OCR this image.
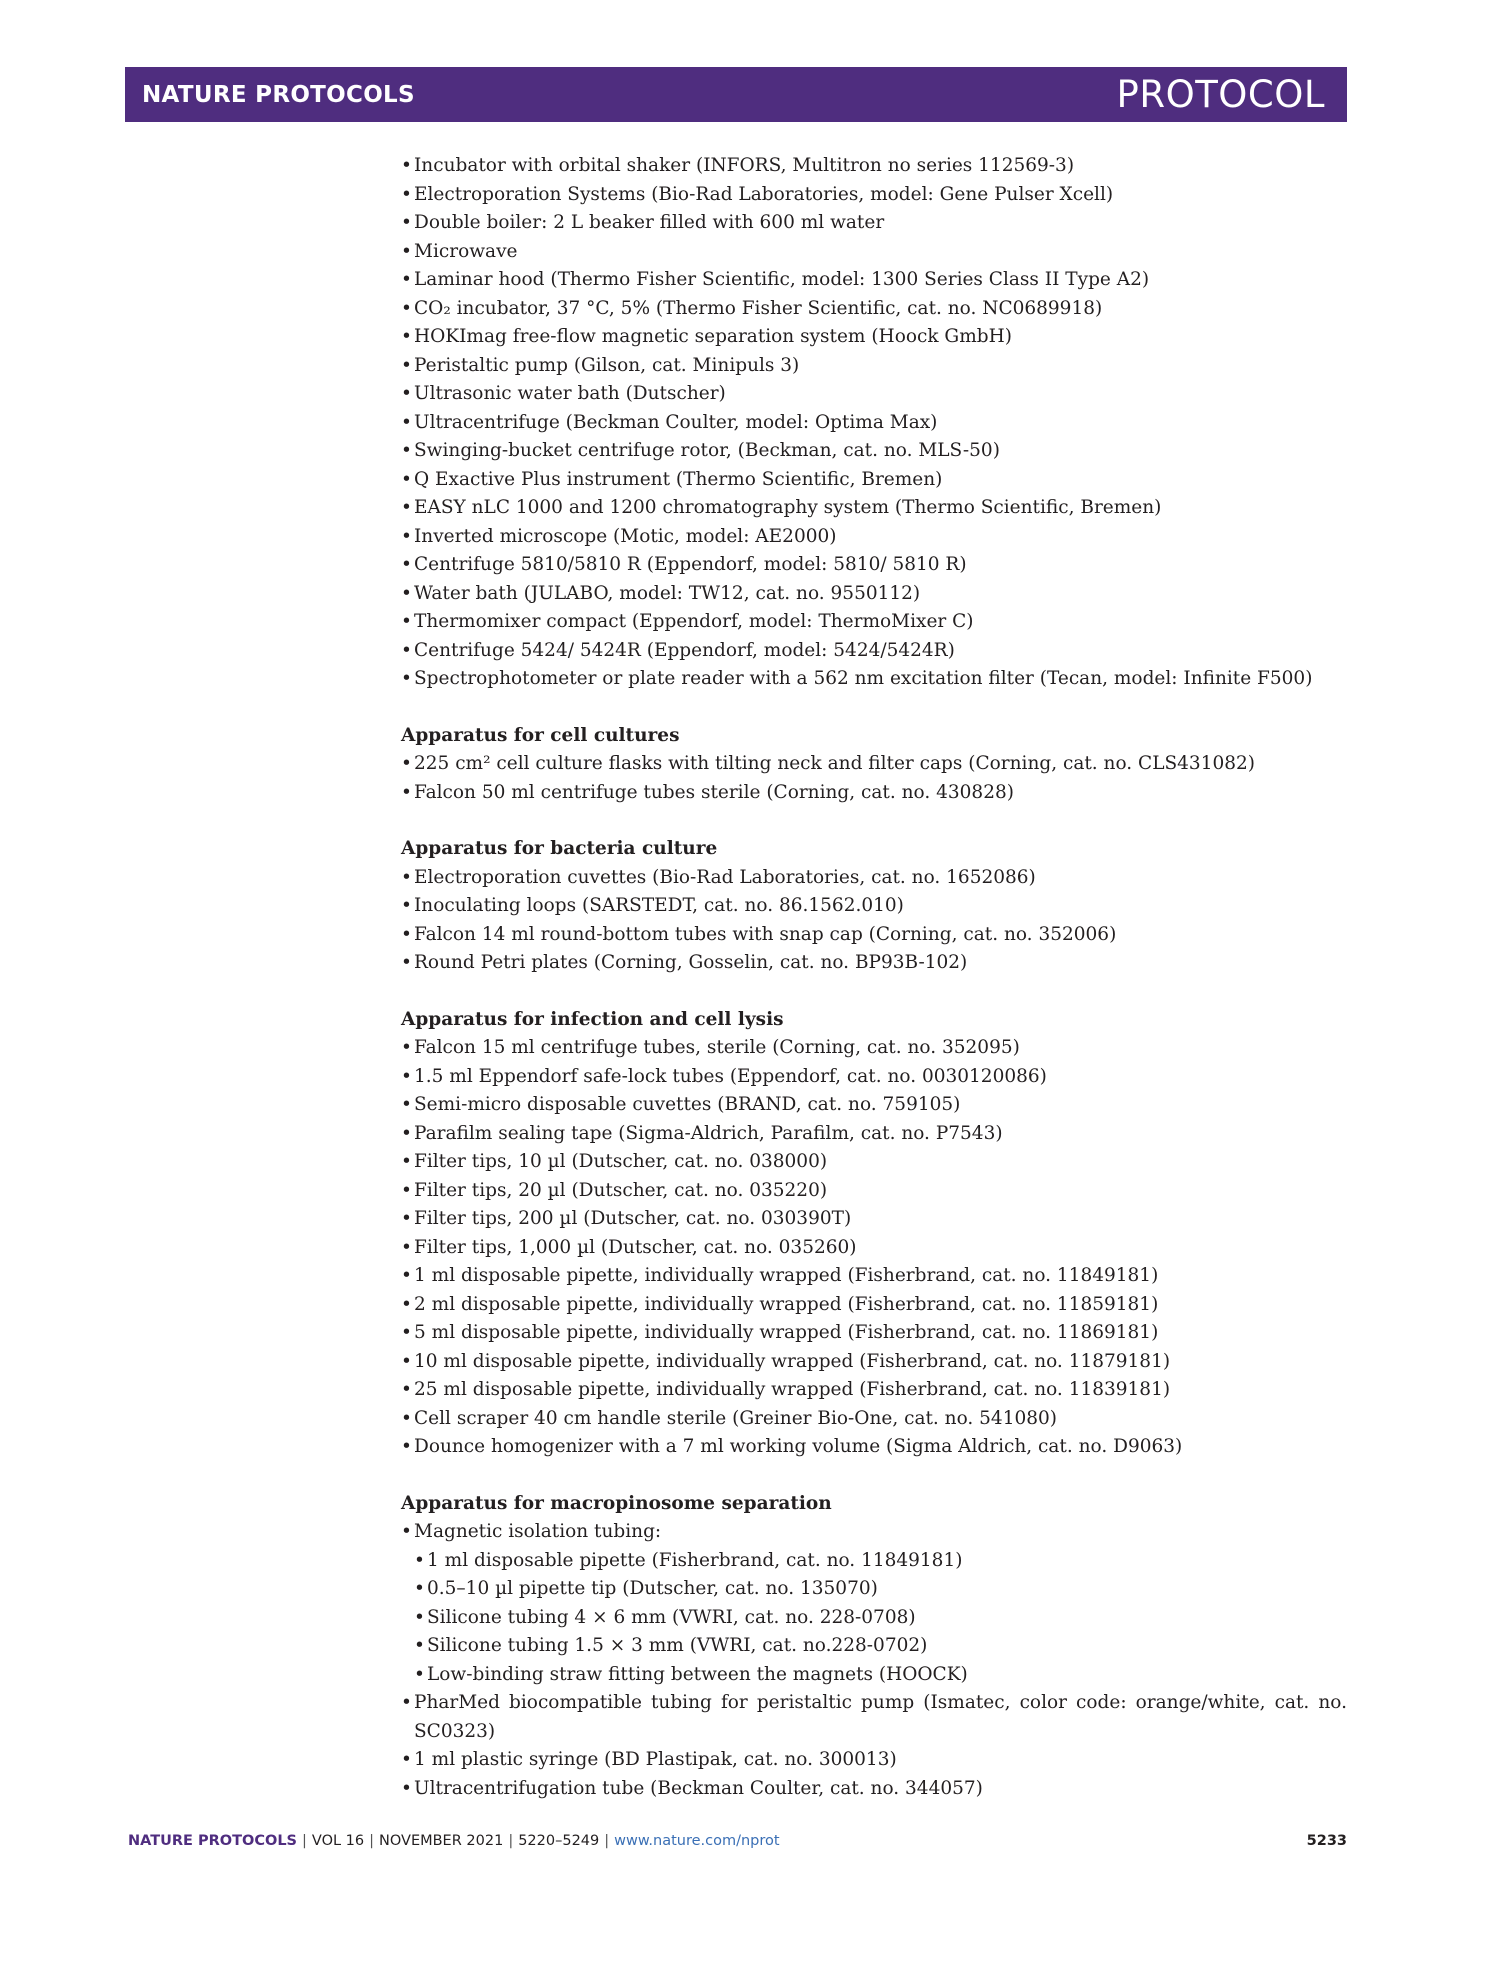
NATURE PROTOCOLS	PROTOCOL
• Incubator with orbital shaker (INFORS, Multitron no series 112569-3)
• Electroporation Systems (Bio-Rad Laboratories, model: Gene Pulser Xcell)
• Double boiler: 2 L beaker filled with 600 ml water
• Microwave
• Laminar hood (Thermo Fisher Scientific, model: 1300 Series Class II Type A2)
• CO₂ incubator, 37 °C, 5% (Thermo Fisher Scientific, cat. no. NC0689918)
• HOKImag free-flow magnetic separation system (Hoock GmbH)
• Peristaltic pump (Gilson, cat. Minipuls 3)
• Ultrasonic water bath (Dutscher)
• Ultracentrifuge (Beckman Coulter, model: Optima Max)
• Swinging-bucket centrifuge rotor, (Beckman, cat. no. MLS-50)
• Q Exactive Plus instrument (Thermo Scientific, Bremen)
• EASY nLC 1000 and 1200 chromatography system (Thermo Scientific, Bremen)
• Inverted microscope (Motic, model: AE2000)
• Centrifuge 5810/5810 R (Eppendorf, model: 5810/ 5810 R)
• Water bath (JULABO, model: TW12, cat. no. 9550112)
• Thermomixer compact (Eppendorf, model: ThermoMixer C)
• Centrifuge 5424/ 5424R (Eppendorf, model: 5424/5424R)
• Spectrophotometer or plate reader with a 562 nm excitation filter (Tecan, model: Infinite F500)
Apparatus for cell cultures
• 225 cm² cell culture flasks with tilting neck and filter caps (Corning, cat. no. CLS431082)
• Falcon 50 ml centrifuge tubes sterile (Corning, cat. no. 430828)
Apparatus for bacteria culture
• Electroporation cuvettes (Bio-Rad Laboratories, cat. no. 1652086)
• Inoculating loops (SARSTEDT, cat. no. 86.1562.010)
• Falcon 14 ml round-bottom tubes with snap cap (Corning, cat. no. 352006)
• Round Petri plates (Corning, Gosselin, cat. no. BP93B-102)
Apparatus for infection and cell lysis
• Falcon 15 ml centrifuge tubes, sterile (Corning, cat. no. 352095)
• 1.5 ml Eppendorf safe-lock tubes (Eppendorf, cat. no. 0030120086)
• Semi-micro disposable cuvettes (BRAND, cat. no. 759105)
• Parafilm sealing tape (Sigma-Aldrich, Parafilm, cat. no. P7543)
• Filter tips, 10 µl (Dutscher, cat. no. 038000)
• Filter tips, 20 µl (Dutscher, cat. no. 035220)
• Filter tips, 200 µl (Dutscher, cat. no. 030390T)
• Filter tips, 1,000 µl (Dutscher, cat. no. 035260)
• 1 ml disposable pipette, individually wrapped (Fisherbrand, cat. no. 11849181)
• 2 ml disposable pipette, individually wrapped (Fisherbrand, cat. no. 11859181)
• 5 ml disposable pipette, individually wrapped (Fisherbrand, cat. no. 11869181)
• 10 ml disposable pipette, individually wrapped (Fisherbrand, cat. no. 11879181)
• 25 ml disposable pipette, individually wrapped (Fisherbrand, cat. no. 11839181)
• Cell scraper 40 cm handle sterile (Greiner Bio-One, cat. no. 541080)
• Dounce homogenizer with a 7 ml working volume (Sigma Aldrich, cat. no. D9063)
Apparatus for macropinosome separation
• Magnetic isolation tubing:
• 1 ml disposable pipette (Fisherbrand, cat. no. 11849181)
• 0.5–10 µl pipette tip (Dutscher, cat. no. 135070)
• Silicone tubing 4 × 6 mm (VWRI, cat. no. 228-0708)
• Silicone tubing 1.5 × 3 mm (VWRI, cat. no.228-0702)
• Low-binding straw fitting between the magnets (HOOCK)
• PharMed biocompatible tubing for peristaltic pump (Ismatec, color code: orange/white, cat. no. SC0323)
• 1 ml plastic syringe (BD Plastipak, cat. no. 300013)
• Ultracentrifugation tube (Beckman Coulter, cat. no. 344057)
NATURE PROTOCOLS | VOL 16 | NOVEMBER 2021 | 5220–5249 | www.nature.com/nprot	5233
